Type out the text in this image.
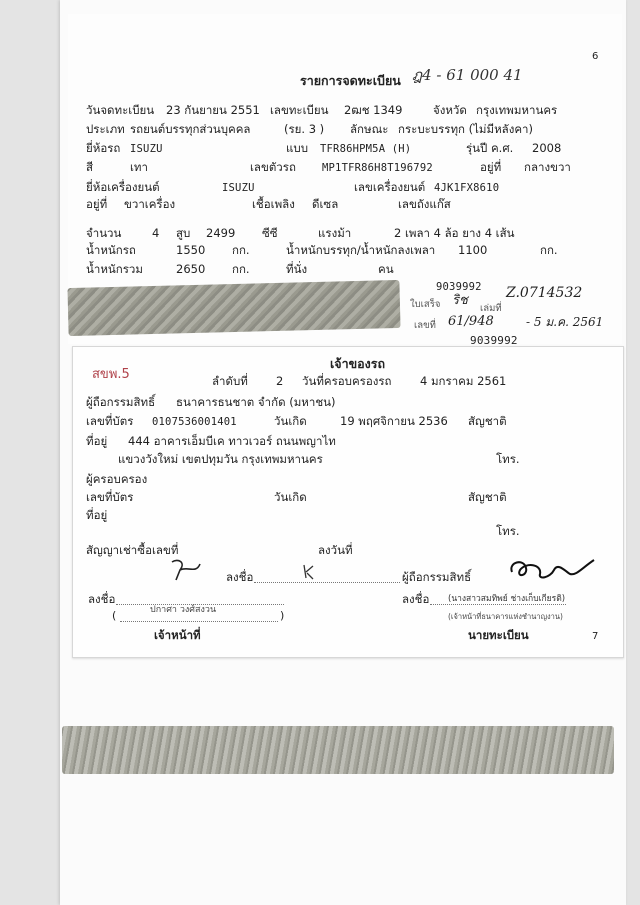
6
7
รายการจดทะเบียน ฎ4 - 61 000 41
วันจดทะเบียน 23 กันยายน 2551 เลขทะเบียน 2ฒช 1349	จังหวัด กรุงเทพมหานคร
ประเภท รถยนต์บรรทุกส่วนบุคคล	(รย. 3 ) ลักษณะ กระบะบรรทุก (ไม่มีหลังคา)
ยี่ห้อรถ ISUZU	แบบ TFR86HPM5A (H)	รุ่นปี ค.ศ. 2008
สี	เทา	เลขตัวรถ MP1TFR86H8T196792	อยู่ที่ กลางขวา
ยี่ห้อเครื่องยนต์	ISUZU	เลขเครื่องยนต์ 4JK1FX8610
อยู่ที่ ขวาเครื่อง	เชื้อเพลิง ดีเซล	เลขถังแก๊ส
จำนวน	4 สูบ 2499 ซีซี	แรงม้า	2 เพลา 4 ล้อ ยาง 4 เส้น
น้ำหนักรถ	1550 กก.	น้ำหนักบรรทุก/น้ำหนักลงเพลา 1100	กก.
น้ำหนักรวม	2650 กก.	ที่นั่ง	คน
9039992
ใบเสร็จ ริช	Z.0714532
เล่มที่
เลขที่ 61/948	- 5 ม.ค. 2561
9039992
สขพ.5
เจ้าของรถ
ลำดับที่ 2 วันที่ครอบครองรถ 4 มกราคม 2561
ผู้ถือกรรมสิทธิ์ ธนาคารธนชาต จำกัด (มหาชน)
เลขที่บัตร 0107536001401	วันเกิด	19 พฤศจิกายน 2536 สัญชาติ
ที่อยู่ 444 อาคารเอ็มบีเค ทาวเวอร์ ถนนพญาไท
แขวงวังใหม่ เขตปทุมวัน กรุงเทพมหานคร	โทร.
ผู้ครอบครอง
เลขที่บัตร	วันเกิด	สัญชาติ
ที่อยู่
โทร.
สัญญาเช่าซื้อเลขที่	ลงวันที่
ลงชื่อ	ผู้ถือกรรมสิทธิ์
ลงชื่อ
ปกาศา วงศ์สงวน
(	)
เจ้าหน้าที่
ลงชื่อ (นางสาวสมทิพย์ ช่างเก็บเกียรติ)
(เจ้าหน้าที่ธนาคารแห่งชำนาญงาน)
นายทะเบียน
